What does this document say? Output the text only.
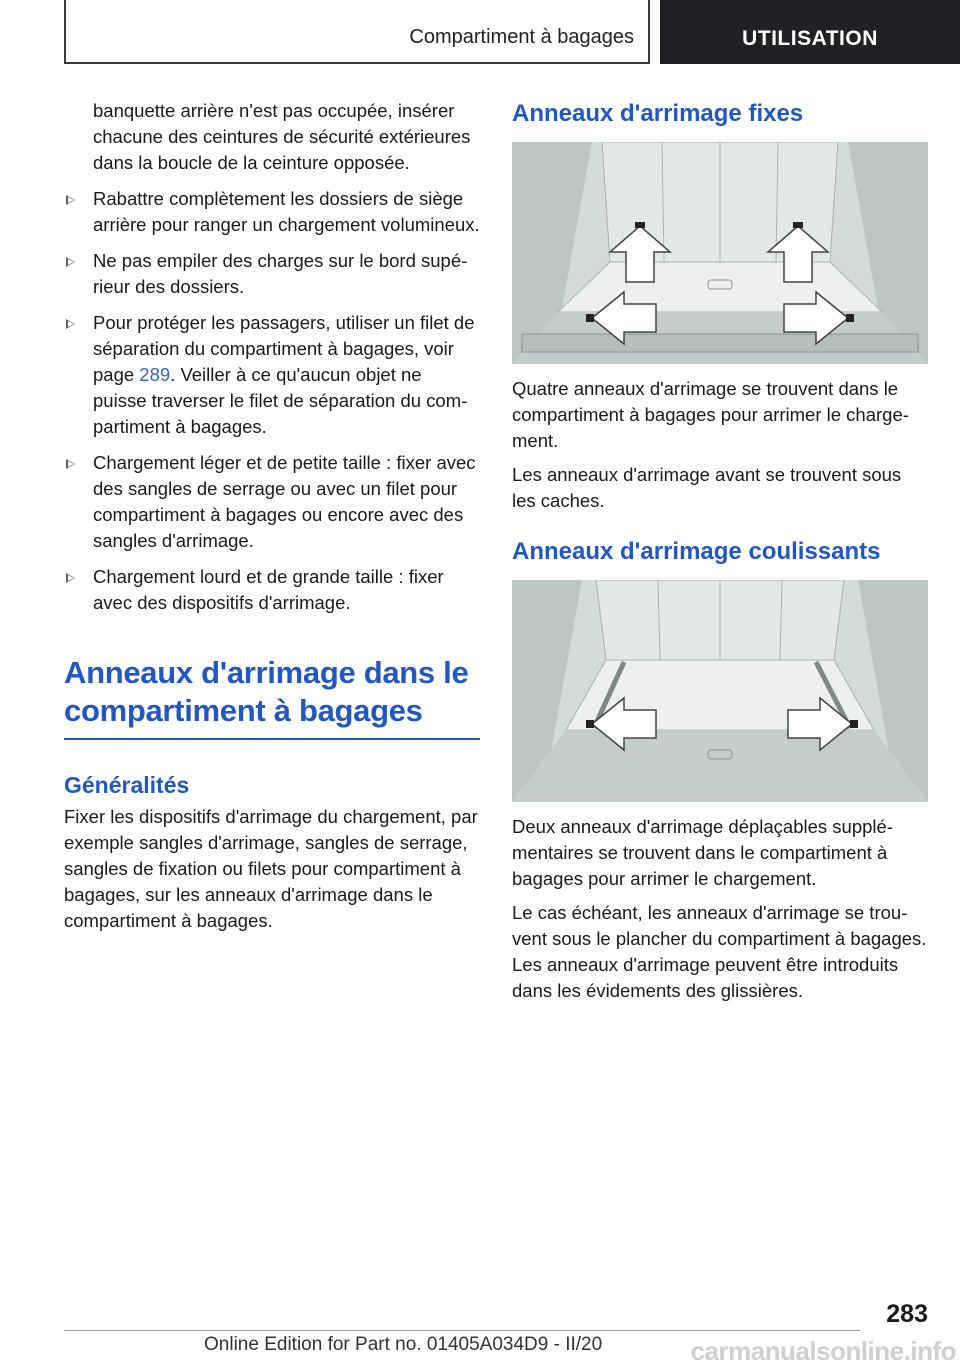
Compartiment à bagages	UTILISATION

banquette arrière n'est pas occupée, insérer chacune des ceintures de sécurité extérieures dans la boucle de la ceinture opposée.

Rabattre complètement les dossiers de siège arrière pour ranger un chargement volumineux.
Ne pas empiler des charges sur le bord supérieur des dossiers.
Pour protéger les passagers, utiliser un filet de séparation du compartiment à bagages, voir page 289. Veiller à ce qu'aucun objet ne puisse traverser le filet de séparation du compartiment à bagages.
Chargement léger et de petite taille : fixer avec des sangles de serrage ou avec un filet pour compartiment à bagages ou encore avec des sangles d'arrimage.
Chargement lourd et de grande taille : fixer avec des dispositifs d'arrimage.
Anneaux d'arrimage dans le compartiment à bagages
Généralités

Fixer les dispositifs d'arrimage du chargement, par exemple sangles d'arrimage, sangles de serrage, sangles de fixation ou filets pour compartiment à bagages, sur les anneaux d'arrimage dans le compartiment à bagages.

Anneaux d'arrimage fixes

Quatre anneaux d'arrimage se trouvent dans le compartiment à bagages pour arrimer le chargement.

Les anneaux d'arrimage avant se trouvent sous les caches.

Anneaux d'arrimage coulissants

Deux anneaux d'arrimage déplaçables supplémentaires se trouvent dans le compartiment à bagages pour arrimer le chargement.

Le cas échéant, les anneaux d'arrimage se trouvent sous le plancher du compartiment à bagages. Les anneaux d'arrimage peuvent être introduits dans les évidements des glissières.

283
Online Edition for Part no. 01405A034D9 - II/20	carmanualsonline.info
